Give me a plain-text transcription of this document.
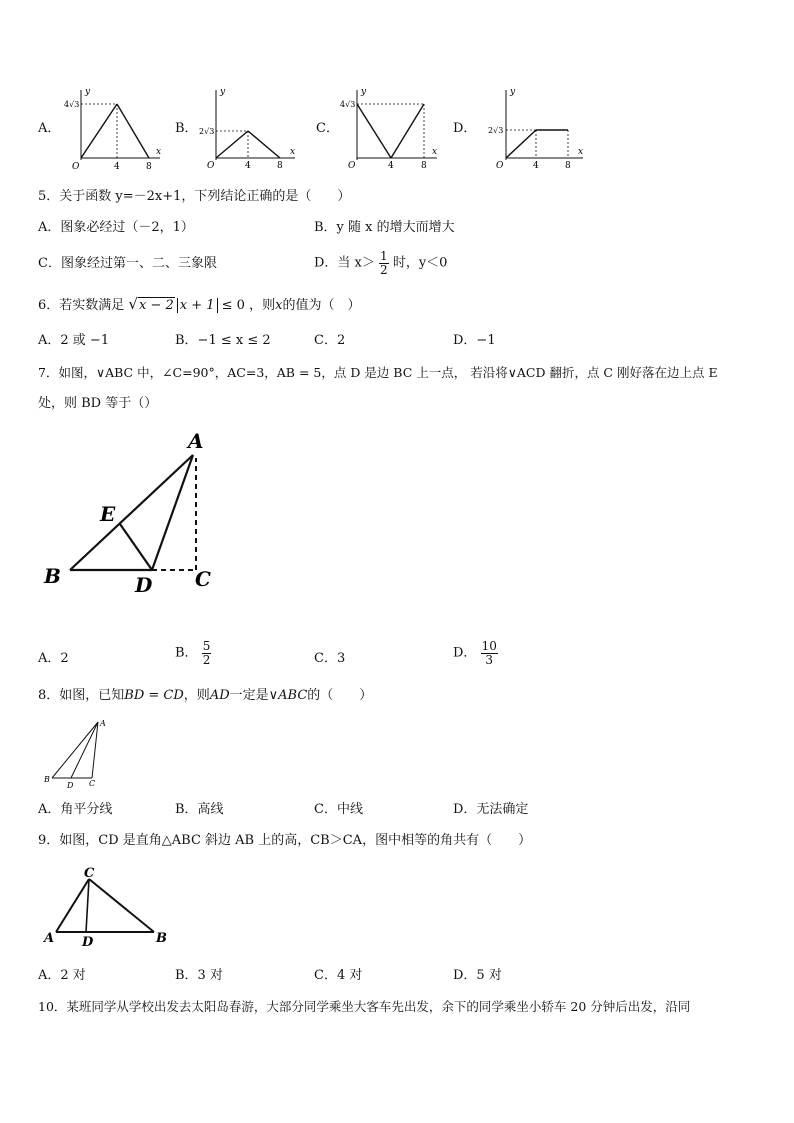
A．
y
x
O
4√3
4	8
B．
y
x
O
2√3
4	8
C．
y
x
O
4√3
4	8
D．
y
x
O
2√3
4	8
5．关于函数 y=－2x+1，下列结论正确的是（　　）
A．图象必经过（－2，1）	B．y 随 x 的增大而增大
C．图象经过第一、二、三象限	D．当 $x> \frac{1}{2}$ 时，y＜0
6．若实数满足 √x − 2 x + 1 ≤ 0 ，则x的值为（　）
A．2 或 −1	B．−1 ≤ x ≤ 2	C．2	D．−1
7．如图，∨ABC 中，∠C=90°，AC=3，AB = 5，点 D 是边 BC 上一点， 若沿将∨ACD 翻折，点 C 刚好落在边上点 E
处，则 BD 等于（）
A
B	C
D
E
A．2	B． $\frac{5}{2}$	C．3	D． $\frac{10}{3}$
8．如图，已知BD = CD，则AD一定是∨ABC的（　　）
A
B
D C
A．角平分线	B．高线	C．中线	D．无法确定
9．如图，CD 是直角△ABC 斜边 AB 上的高，CB＞CA，图中相等的角共有（　　）
C
A D	B
A．2 对	B．3 对	C．4 对	D．5 对
10．某班同学从学校出发去太阳岛春游，大部分同学乘坐大客车先出发，余下的同学乘坐小轿车 20 分钟后出发，沿同
